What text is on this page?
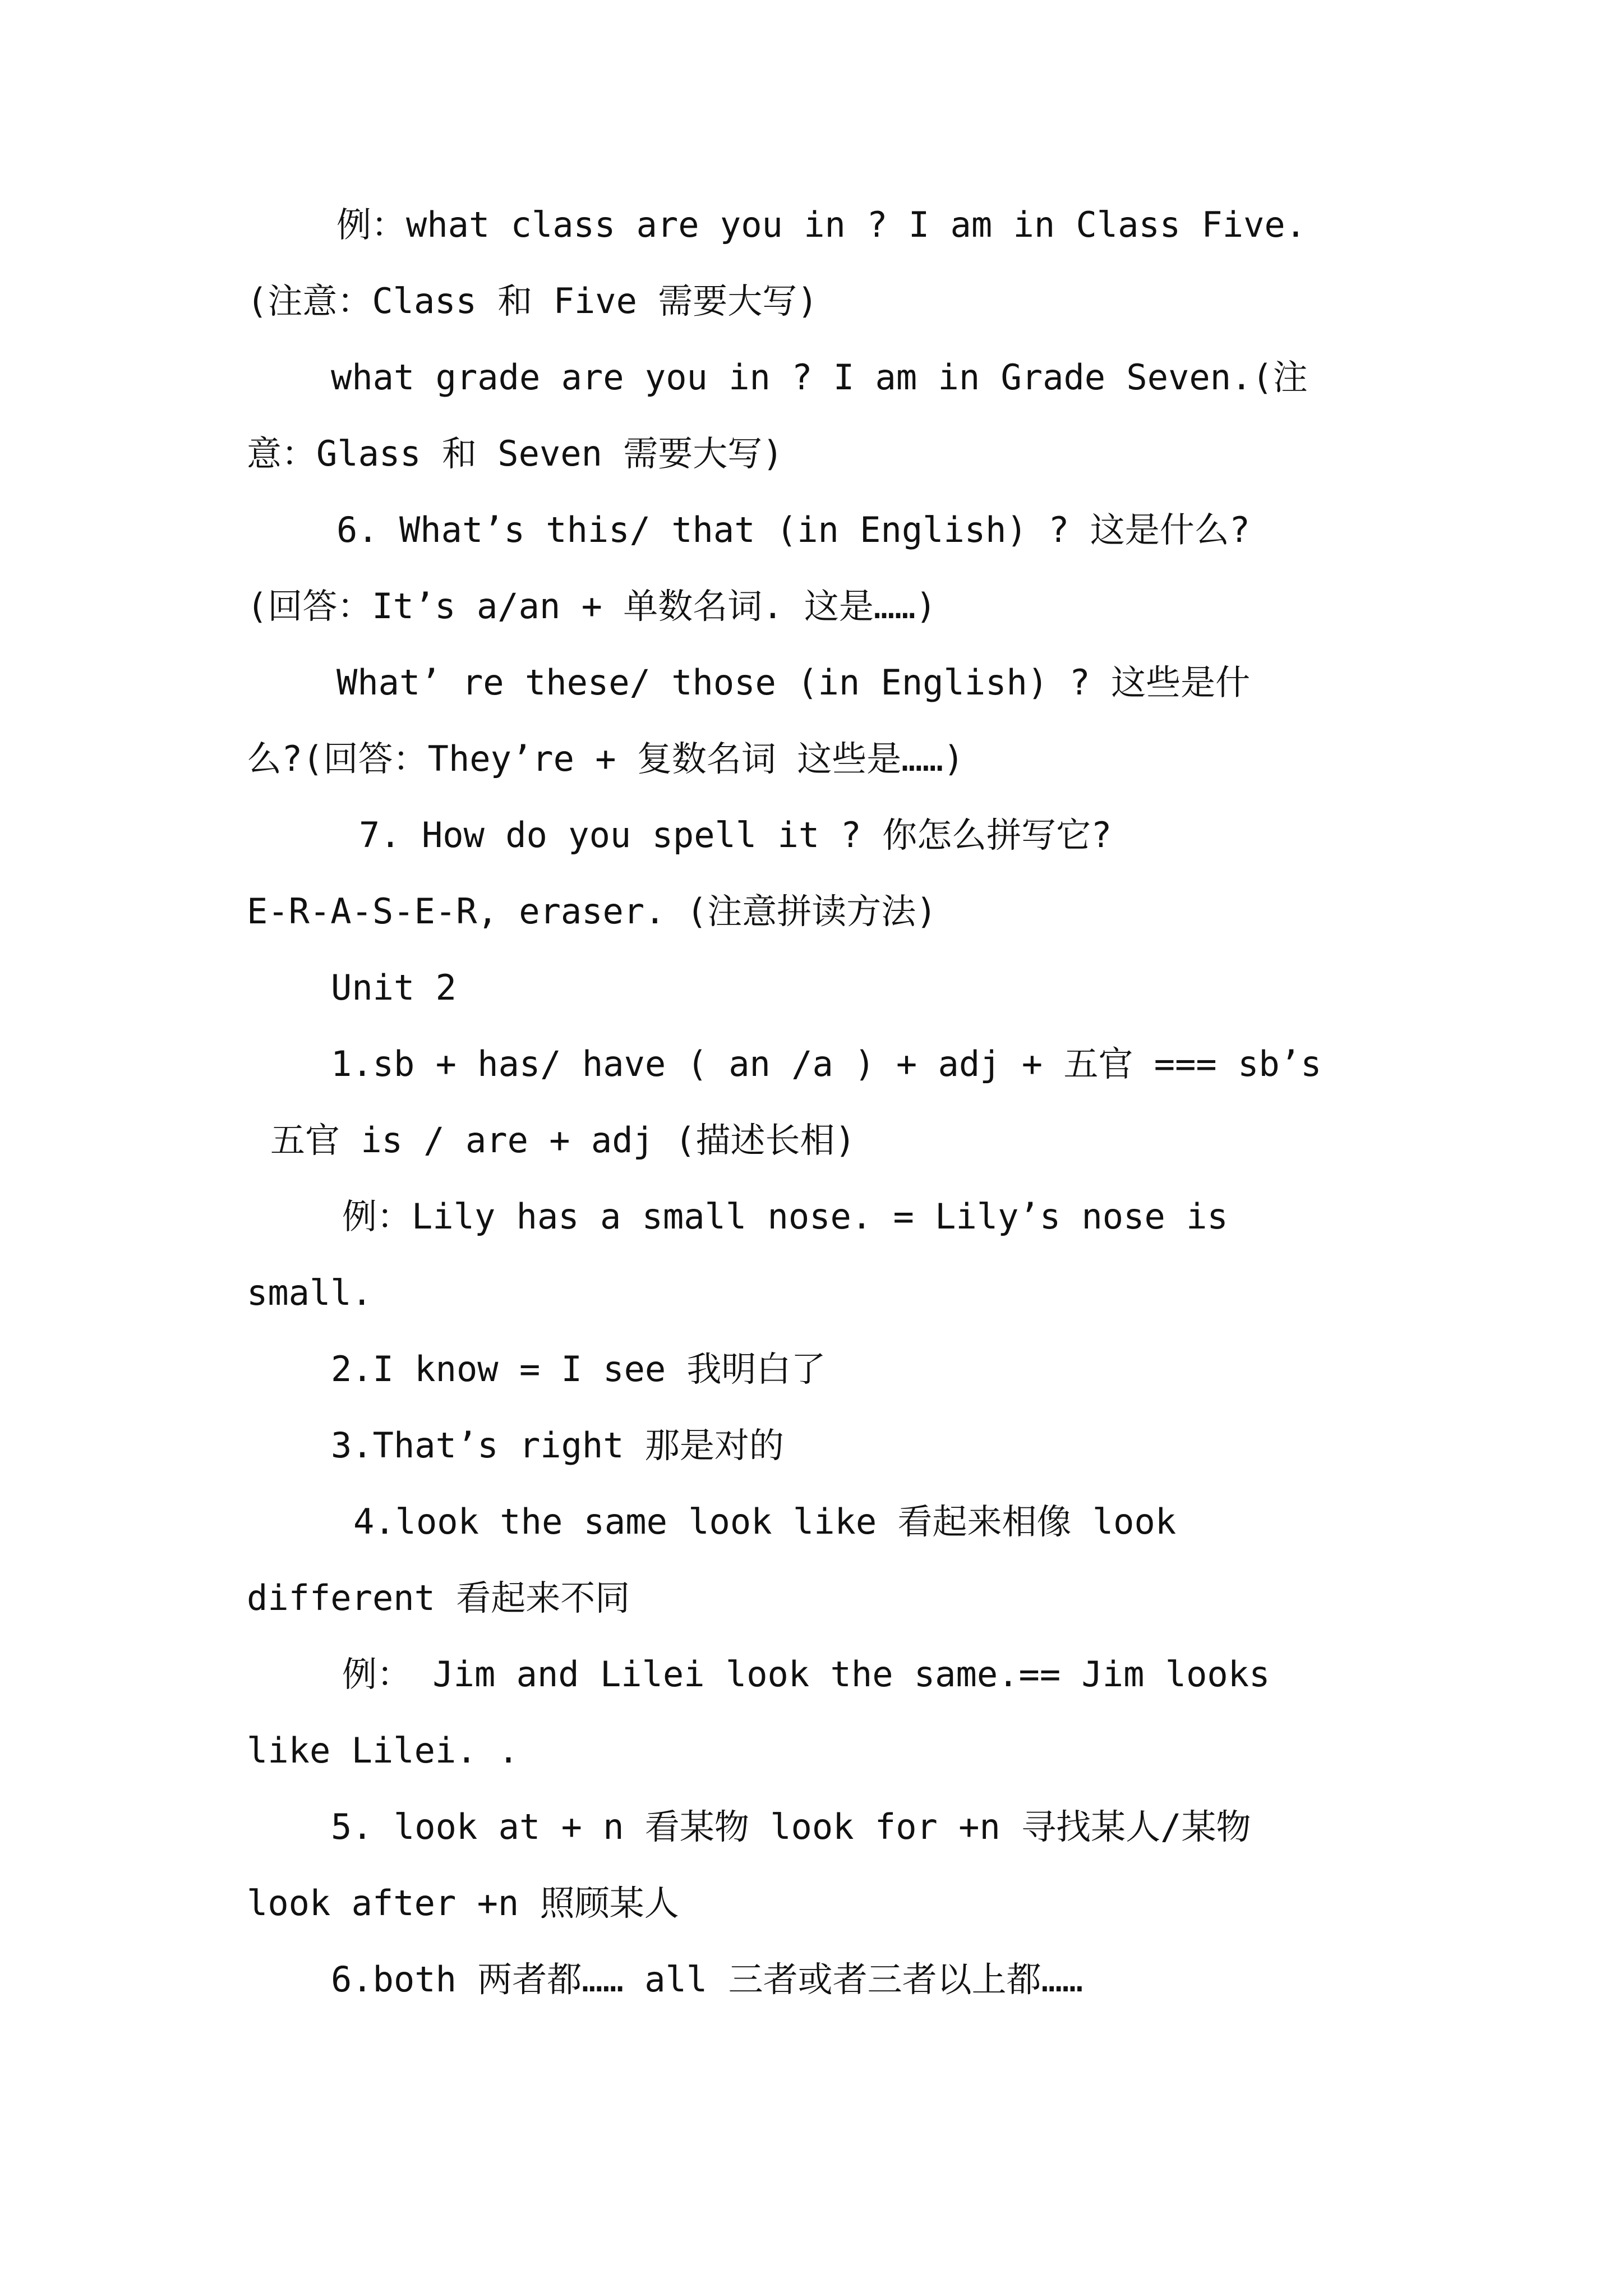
例：what class are you in ? I am in Class Five.
(注意：Class 和 Five 需要大写)
what grade are you in ? I am in Grade Seven.(注
意：Glass 和 Seven 需要大写)
6. What’s this/ that (in English) ? 这是什么?
(回答：It’s a/an + 单数名词. 这是……)
What’ re these/ those (in English) ? 这些是什
么?(回答：They’re + 复数名词 这些是……)
7. How do you spell it ? 你怎么拼写它?
E-R-A-S-E-R, eraser. (注意拼读方法)
Unit 2
1.sb + has/ have ( an /a ) + adj + 五官 === sb’s
五官 is / are + adj (描述长相)
例：Lily has a small nose. = Lily’s nose is
small.
2.I know = I see 我明白了
3.That’s right 那是对的
4.look the same look like 看起来相像 look
different 看起来不同
例： Jim and Lilei look the same.== Jim looks
like Lilei. .
5. look at + n 看某物 look for +n 寻找某人/某物
look after +n 照顾某人
6.both 两者都…… all 三者或者三者以上都……
